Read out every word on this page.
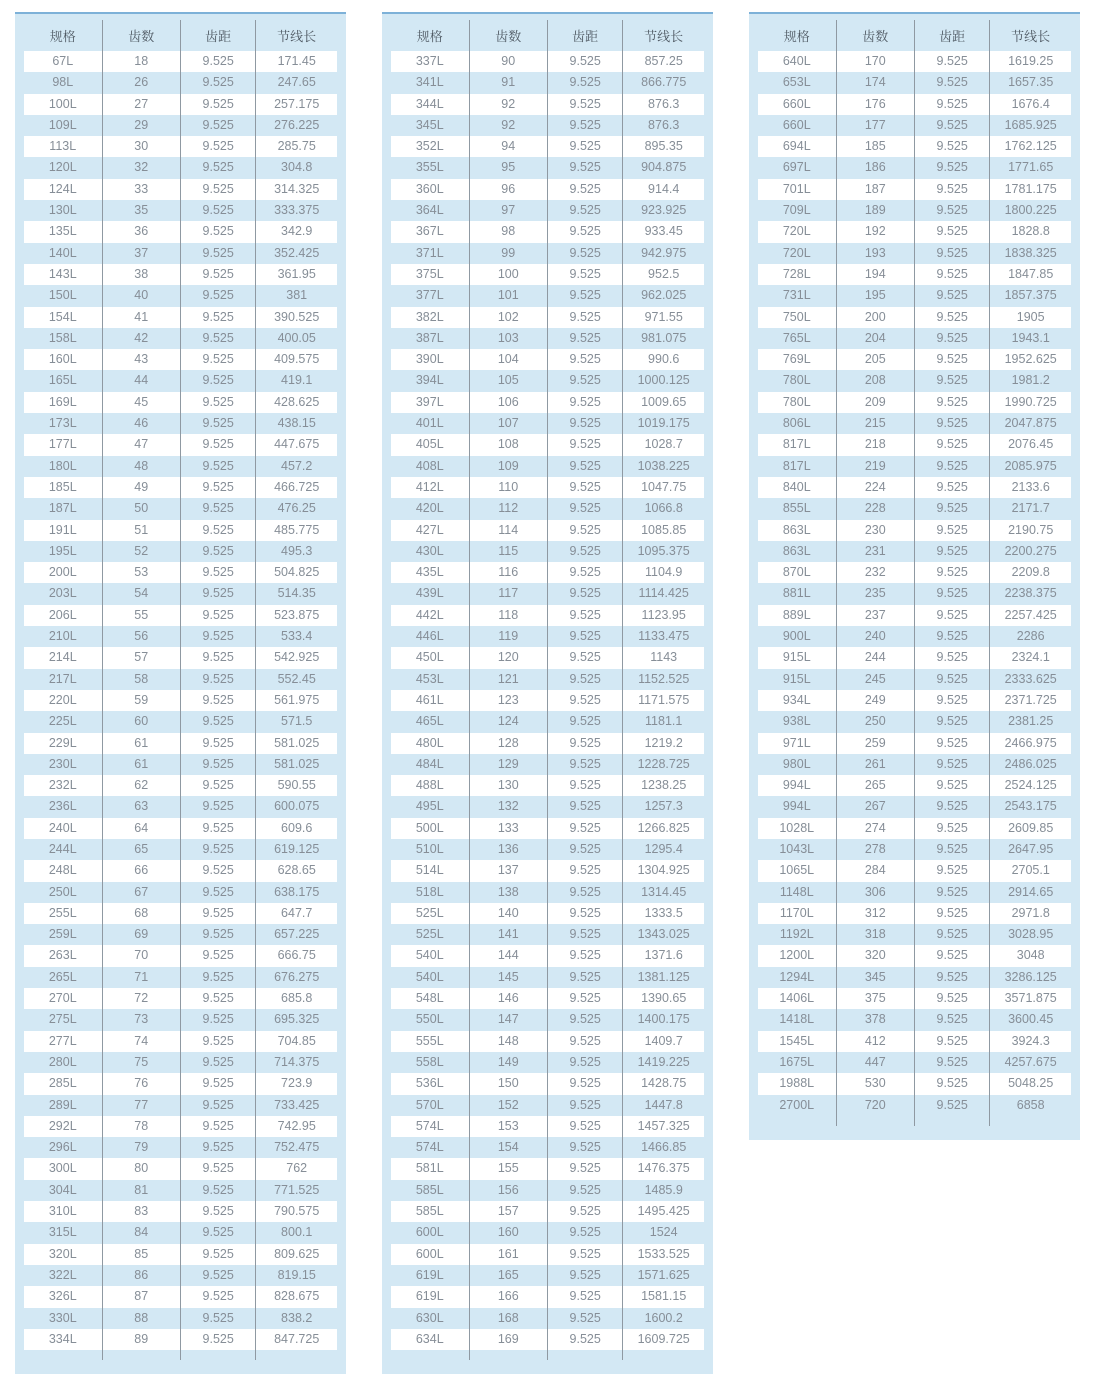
规格	齿数	齿距	节线长
67L	18	9.525	171.45
98L	26	9.525	247.65
100L	27	9.525	257.175
109L	29	9.525	276.225
113L	30	9.525	285.75
120L	32	9.525	304.8
124L	33	9.525	314.325
130L	35	9.525	333.375
135L	36	9.525	342.9
140L	37	9.525	352.425
143L	38	9.525	361.95
150L	40	9.525	381
154L	41	9.525	390.525
158L	42	9.525	400.05
160L	43	9.525	409.575
165L	44	9.525	419.1
169L	45	9.525	428.625
173L	46	9.525	438.15
177L	47	9.525	447.675
180L	48	9.525	457.2
185L	49	9.525	466.725
187L	50	9.525	476.25
191L	51	9.525	485.775
195L	52	9.525	495.3
200L	53	9.525	504.825
203L	54	9.525	514.35
206L	55	9.525	523.875
210L	56	9.525	533.4
214L	57	9.525	542.925
217L	58	9.525	552.45
220L	59	9.525	561.975
225L	60	9.525	571.5
229L	61	9.525	581.025
230L	61	9.525	581.025
232L	62	9.525	590.55
236L	63	9.525	600.075
240L	64	9.525	609.6
244L	65	9.525	619.125
248L	66	9.525	628.65
250L	67	9.525	638.175
255L	68	9.525	647.7
259L	69	9.525	657.225
263L	70	9.525	666.75
265L	71	9.525	676.275
270L	72	9.525	685.8
275L	73	9.525	695.325
277L	74	9.525	704.85
280L	75	9.525	714.375
285L	76	9.525	723.9
289L	77	9.525	733.425
292L	78	9.525	742.95
296L	79	9.525	752.475
300L	80	9.525	762
304L	81	9.525	771.525
310L	83	9.525	790.575
315L	84	9.525	800.1
320L	85	9.525	809.625
322L	86	9.525	819.15
326L	87	9.525	828.675
330L	88	9.525	838.2
334L	89	9.525	847.725

规格	齿数	齿距	节线长
337L	90	9.525	857.25
341L	91	9.525	866.775
344L	92	9.525	876.3
345L	92	9.525	876.3
352L	94	9.525	895.35
355L	95	9.525	904.875
360L	96	9.525	914.4
364L	97	9.525	923.925
367L	98	9.525	933.45
371L	99	9.525	942.975
375L	100	9.525	952.5
377L	101	9.525	962.025
382L	102	9.525	971.55
387L	103	9.525	981.075
390L	104	9.525	990.6
394L	105	9.525	1000.125
397L	106	9.525	1009.65
401L	107	9.525	1019.175
405L	108	9.525	1028.7
408L	109	9.525	1038.225
412L	110	9.525	1047.75
420L	112	9.525	1066.8
427L	114	9.525	1085.85
430L	115	9.525	1095.375
435L	116	9.525	1104.9
439L	117	9.525	1114.425
442L	118	9.525	1123.95
446L	119	9.525	1133.475
450L	120	9.525	1143
453L	121	9.525	1152.525
461L	123	9.525	1171.575
465L	124	9.525	1181.1
480L	128	9.525	1219.2
484L	129	9.525	1228.725
488L	130	9.525	1238.25
495L	132	9.525	1257.3
500L	133	9.525	1266.825
510L	136	9.525	1295.4
514L	137	9.525	1304.925
518L	138	9.525	1314.45
525L	140	9.525	1333.5
525L	141	9.525	1343.025
540L	144	9.525	1371.6
540L	145	9.525	1381.125
548L	146	9.525	1390.65
550L	147	9.525	1400.175
555L	148	9.525	1409.7
558L	149	9.525	1419.225
536L	150	9.525	1428.75
570L	152	9.525	1447.8
574L	153	9.525	1457.325
574L	154	9.525	1466.85
581L	155	9.525	1476.375
585L	156	9.525	1485.9
585L	157	9.525	1495.425
600L	160	9.525	1524
600L	161	9.525	1533.525
619L	165	9.525	1571.625
619L	166	9.525	1581.15
630L	168	9.525	1600.2
634L	169	9.525	1609.725

规格	齿数	齿距	节线长
640L	170	9.525	1619.25
653L	174	9.525	1657.35
660L	176	9.525	1676.4
660L	177	9.525	1685.925
694L	185	9.525	1762.125
697L	186	9.525	1771.65
701L	187	9.525	1781.175
709L	189	9.525	1800.225
720L	192	9.525	1828.8
720L	193	9.525	1838.325
728L	194	9.525	1847.85
731L	195	9.525	1857.375
750L	200	9.525	1905
765L	204	9.525	1943.1
769L	205	9.525	1952.625
780L	208	9.525	1981.2
780L	209	9.525	1990.725
806L	215	9.525	2047.875
817L	218	9.525	2076.45
817L	219	9.525	2085.975
840L	224	9.525	2133.6
855L	228	9.525	2171.7
863L	230	9.525	2190.75
863L	231	9.525	2200.275
870L	232	9.525	2209.8
881L	235	9.525	2238.375
889L	237	9.525	2257.425
900L	240	9.525	2286
915L	244	9.525	2324.1
915L	245	9.525	2333.625
934L	249	9.525	2371.725
938L	250	9.525	2381.25
971L	259	9.525	2466.975
980L	261	9.525	2486.025
994L	265	9.525	2524.125
994L	267	9.525	2543.175
1028L	274	9.525	2609.85
1043L	278	9.525	2647.95
1065L	284	9.525	2705.1
1148L	306	9.525	2914.65
1170L	312	9.525	2971.8
1192L	318	9.525	3028.95
1200L	320	9.525	3048
1294L	345	9.525	3286.125
1406L	375	9.525	3571.875
1418L	378	9.525	3600.45
1545L	412	9.525	3924.3
1675L	447	9.525	4257.675
1988L	530	9.525	5048.25
2700L	720	9.525	6858
